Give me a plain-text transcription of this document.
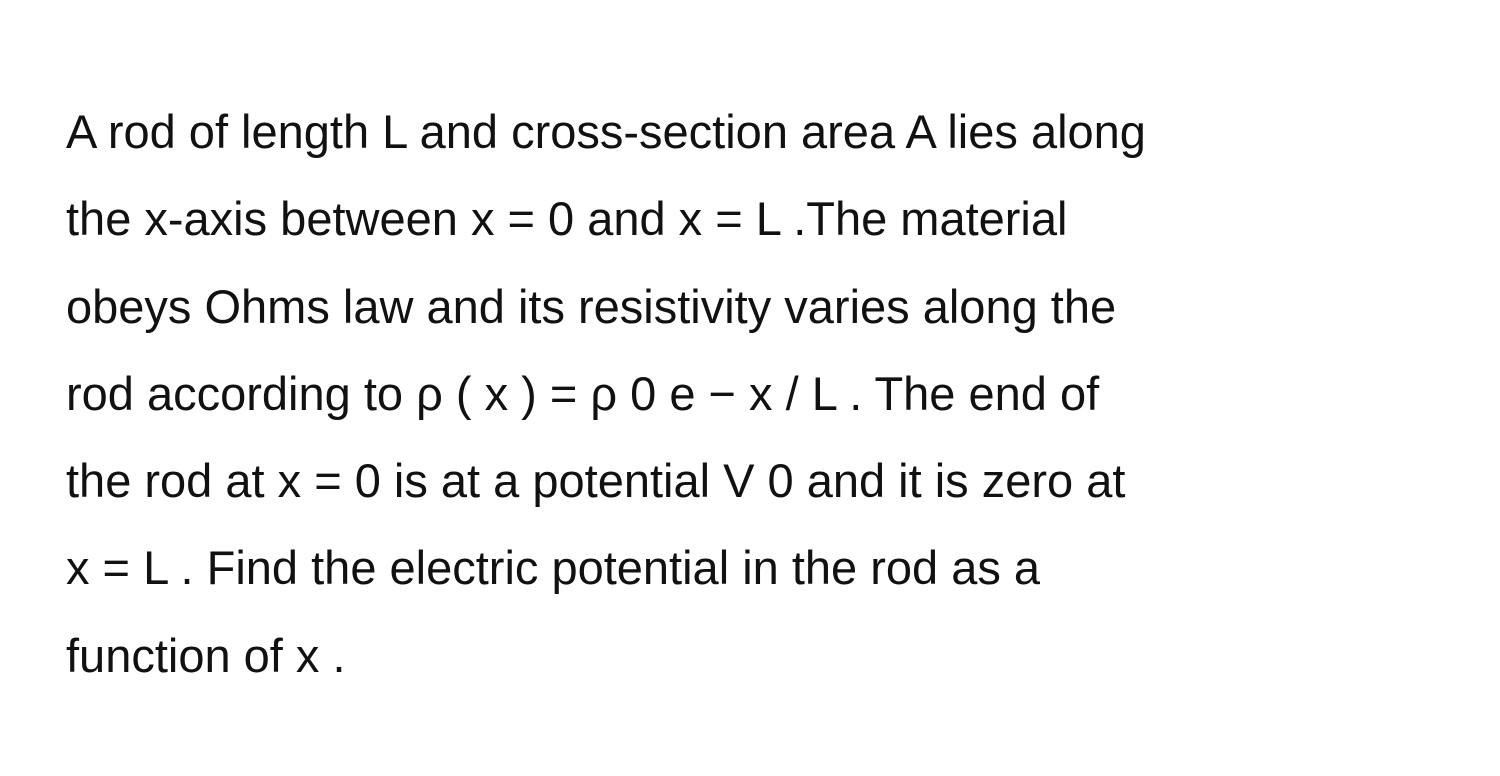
A rod of length L and cross-section area A lies along
the x-axis between x = 0 and x = L .The material
obeys Ohms law and its resistivity varies along the
rod according to ρ ( x ) = ρ 0 e − x / L . The end of
the rod at x = 0 is at a potential V 0 and it is zero at
x = L . Find the electric potential in the rod as a
function of x .
